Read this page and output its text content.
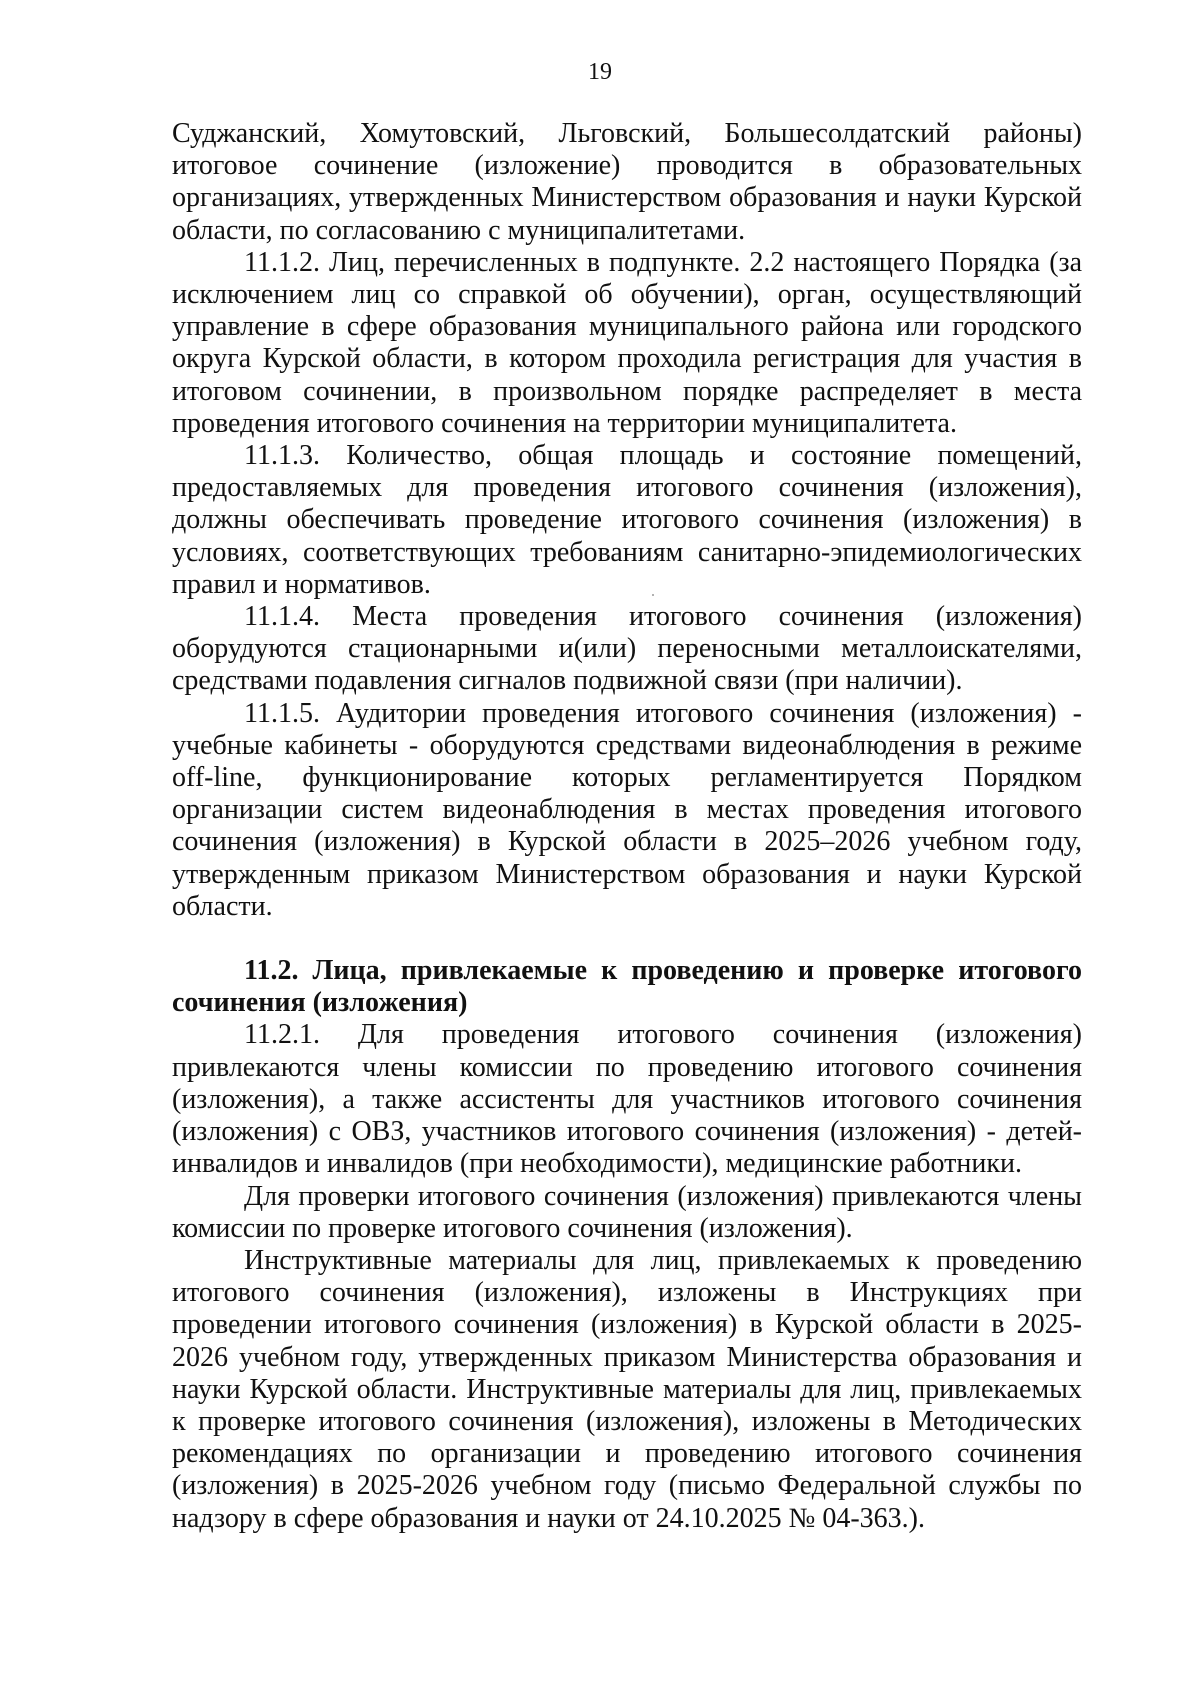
19

Суджанский, Хомутовский, Льговский, Большесолдатский районы) итоговое сочинение (изложение) проводится в образовательных организациях, утвержденных Министерством образования и науки Курской области, по согласованию с муниципалитетами.

11.1.2. Лиц, перечисленных в подпункте. 2.2 настоящего Порядка (за исключением лиц со справкой об обучении), орган, осуществляющий управление в сфере образования муниципального района или городского округа Курской области, в котором проходила регистрация для участия в итоговом сочинении, в произвольном порядке распределяет в места проведения итогового сочинения на территории муниципалитета.

11.1.3. Количество, общая площадь и состояние помещений, предоставляемых для проведения итогового сочинения (изложения), должны обеспечивать проведение итогового сочинения (изложения) в условиях, соответствующих требованиям санитарно-эпидемиологических правил и нормативов.

11.1.4. Места проведения итогового сочинения (изложения) оборудуются стационарными и(или) переносными металлоискателями, средствами подавления сигналов подвижной связи (при наличии).

11.1.5. Аудитории проведения итогового сочинения (изложения) - учебные кабинеты - оборудуются средствами видеонаблюдения в режиме off-line, функционирование которых регламентируется Порядком организации систем видеонаблюдения в местах проведения итогового сочинения (изложения) в Курской области в 2025–2026 учебном году, утвержденным приказом Министерством образования и науки Курской области.

11.2. Лица, привлекаемые к проведению и проверке итогового сочинения (изложения)

11.2.1. Для проведения итогового сочинения (изложения) привлекаются члены комиссии по проведению итогового сочинения (изложения), а также ассистенты для участников итогового сочинения (изложения) с ОВЗ, участников итогового сочинения (изложения) - детей-инвалидов и инвалидов (при необходимости), медицинские работники.

Для проверки итогового сочинения (изложения) привлекаются члены комиссии по проверке итогового сочинения (изложения).

Инструктивные материалы для лиц, привлекаемых к проведению итогового сочинения (изложения), изложены в Инструкциях при проведении итогового сочинения (изложения) в Курской области в 2025-2026 учебном году, утвержденных приказом Министерства образования и науки Курской области. Инструктивные материалы для лиц, привлекаемых к проверке итогового сочинения (изложения), изложены в Методических рекомендациях по организации и проведению итогового сочинения (изложения) в 2025-2026 учебном году (письмо Федеральной службы по надзору в сфере образования и науки от 24.10.2025 № 04-363.).
